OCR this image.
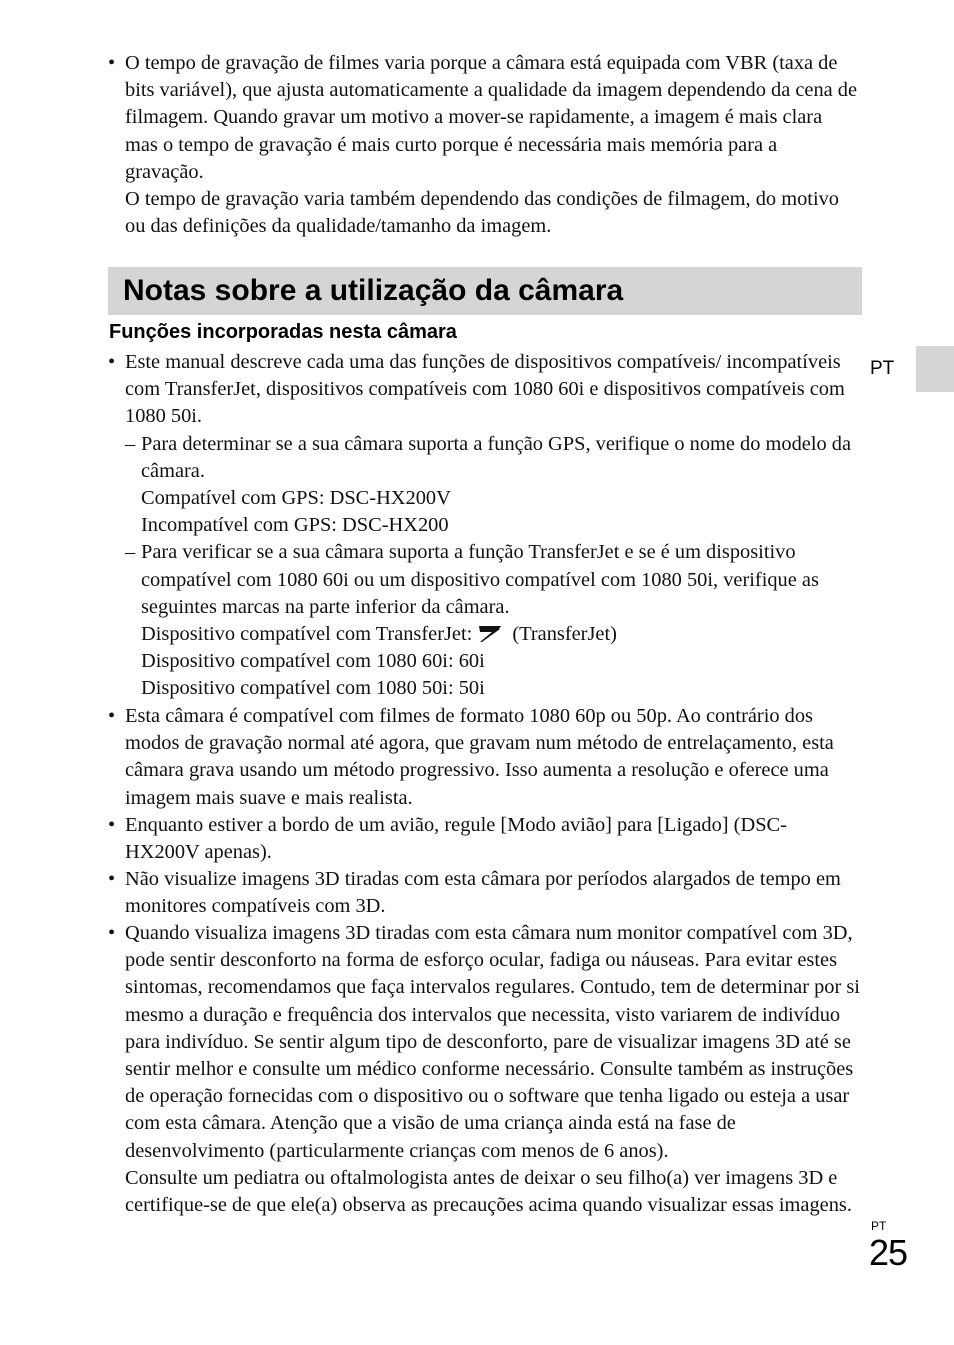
• O tempo de gravação de filmes varia porque a câmara está equipada com VBR (taxa de bits variável), que ajusta automaticamente a qualidade da imagem dependendo da cena de filmagem. Quando gravar um motivo a mover-se rapidamente, a imagem é mais clara mas o tempo de gravação é mais curto porque é necessária mais memória para a gravação.

O tempo de gravação varia também dependendo das condições de filmagem, do motivo ou das definições da qualidade/tamanho da imagem.

Notas sobre a utilização da câmara
Funções incorporadas nesta câmara
PT
• Este manual descreve cada uma das funções de dispositivos compatíveis/ incompatíveis com TransferJet, dispositivos compatíveis com 1080 60i e dispositivos compatíveis com 1080 50i.

– Para determinar se a sua câmara suporta a função GPS, verifique o nome do modelo da câmara.

Compatível com GPS: DSC-HX200V

Incompatível com GPS: DSC-HX200

– Para verificar se a sua câmara suporta a função TransferJet e se é um dispositivo compatível com 1080 60i ou um dispositivo compatível com 1080 50i, verifique as seguintes marcas na parte inferior da câmara.

Dispositivo compatível com TransferJet: (TransferJet)

Dispositivo compatível com 1080 60i: 60i

Dispositivo compatível com 1080 50i: 50i

• Esta câmara é compatível com filmes de formato 1080 60p ou 50p. Ao contrário dos modos de gravação normal até agora, que gravam num método de entrelaçamento, esta câmara grava usando um método progressivo. Isso aumenta a resolução e oferece uma imagem mais suave e mais realista.

• Enquanto estiver a bordo de um avião, regule [Modo avião] para [Ligado] (DSC-HX200V apenas).

• Não visualize imagens 3D tiradas com esta câmara por períodos alargados de tempo em monitores compatíveis com 3D.

• Quando visualiza imagens 3D tiradas com esta câmara num monitor compatível com 3D, pode sentir desconforto na forma de esforço ocular, fadiga ou náuseas. Para evitar estes sintomas, recomendamos que faça intervalos regulares. Contudo, tem de determinar por si mesmo a duração e frequência dos intervalos que necessita, visto variarem de indivíduo para indivíduo. Se sentir algum tipo de desconforto, pare de visualizar imagens 3D até se sentir melhor e consulte um médico conforme necessário. Consulte também as instruções de operação fornecidas com o dispositivo ou o software que tenha ligado ou esteja a usar com esta câmara. Atenção que a visão de uma criança ainda está na fase de desenvolvimento (particularmente crianças com menos de 6 anos).

Consulte um pediatra ou oftalmologista antes de deixar o seu filho(a) ver imagens 3D e certifique-se de que ele(a) observa as precauções acima quando visualizar essas imagens.

PT
25
